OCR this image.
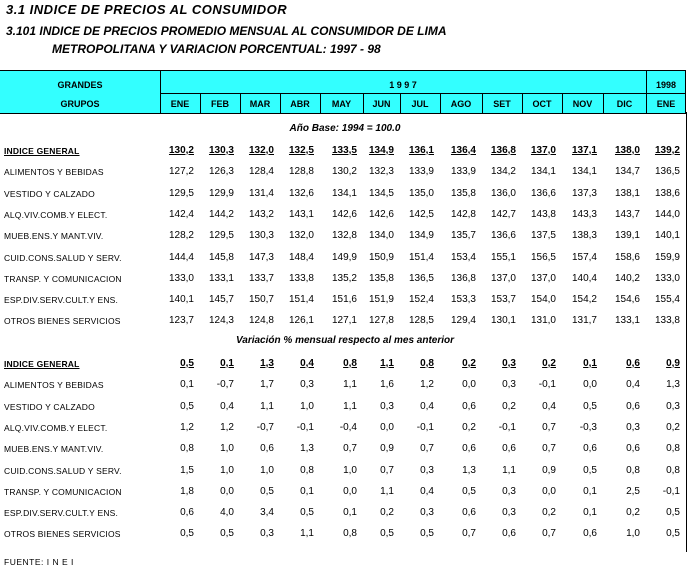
3.1 INDICE DE PRECIOS AL CONSUMIDOR
3.101 INDICE DE PRECIOS PROMEDIO MENSUAL AL CONSUMIDOR DE LIMA
METROPOLITANA Y VARIACION PORCENTUAL: 1997 - 98
GRANDES
GRUPOS
1 9 9 7	1998
ENE	FEB	MAR	ABR	MAY	JUN	JUL	AGO	SET	OCT	NOV	DIC	ENE
Año Base: 1994 = 100.0
Variación % mensual respecto al mes anterior
INDICE GENERAL	130,2	130,3	132,0	132,5	133,5	134,9	136,1	136,4	136,8	137,0	137,1	138,0	139,2
ALIMENTOS Y BEBIDAS	127,2	126,3	128,4	128,8	130,2	132,3	133,9	133,9	134,2	134,1	134,1	134,7	136,5
VESTIDO Y CALZADO	129,5	129,9	131,4	132,6	134,1	134,5	135,0	135,8	136,0	136,6	137,3	138,1	138,6
ALQ.VIV.COMB.Y ELECT.	142,4	144,2	143,2	143,1	142,6	142,6	142,5	142,8	142,7	143,8	143,3	143,7	144,0
MUEB.ENS.Y MANT.VIV.	128,2	129,5	130,3	132,0	132,8	134,0	134,9	135,7	136,6	137,5	138,3	139,1	140,1
CUID.CONS.SALUD Y SERV.	144,4	145,8	147,3	148,4	149,9	150,9	151,4	153,4	155,1	156,5	157,4	158,6	159,9
TRANSP. Y COMUNICACION	133,0	133,1	133,7	133,8	135,2	135,8	136,5	136,8	137,0	137,0	140,4	140,2	133,0
ESP.DIV.SERV.CULT.Y ENS.	140,1	145,7	150,7	151,4	151,6	151,9	152,4	153,3	153,7	154,0	154,2	154,6	155,4
OTROS BIENES SERVICIOS	123,7	124,3	124,8	126,1	127,1	127,8	128,5	129,4	130,1	131,0	131,7	133,1	133,8
INDICE GENERAL	0,5	0,1	1,3	0,4	0,8	1,1	0,8	0,2	0,3	0,2	0,1	0,6	0,9
ALIMENTOS Y BEBIDAS	0,1	-0,7	1,7	0,3	1,1	1,6	1,2	0,0	0,3	-0,1	0,0	0,4	1,3
VESTIDO Y CALZADO	0,5	0,4	1,1	1,0	1,1	0,3	0,4	0,6	0,2	0,4	0,5	0,6	0,3
ALQ.VIV.COMB.Y ELECT.	1,2	1,2	-0,7	-0,1	-0,4	0,0	-0,1	0,2	-0,1	0,7	-0,3	0,3	0,2
MUEB.ENS.Y MANT.VIV.	0,8	1,0	0,6	1,3	0,7	0,9	0,7	0,6	0,6	0,7	0,6	0,6	0,8
CUID.CONS.SALUD Y SERV.	1,5	1,0	1,0	0,8	1,0	0,7	0,3	1,3	1,1	0,9	0,5	0,8	0,8
TRANSP. Y COMUNICACION	1,8	0,0	0,5	0,1	0,0	1,1	0,4	0,5	0,3	0,0	0,1	2,5	-0,1
ESP.DIV.SERV.CULT.Y ENS.	0,6	4,0	3,4	0,5	0,1	0,2	0,3	0,6	0,3	0,2	0,1	0,2	0,5
OTROS BIENES SERVICIOS	0,5	0,5	0,3	1,1	0,8	0,5	0,5	0,7	0,6	0,7	0,6	1,0	0,5
FUENTE: I N E I
